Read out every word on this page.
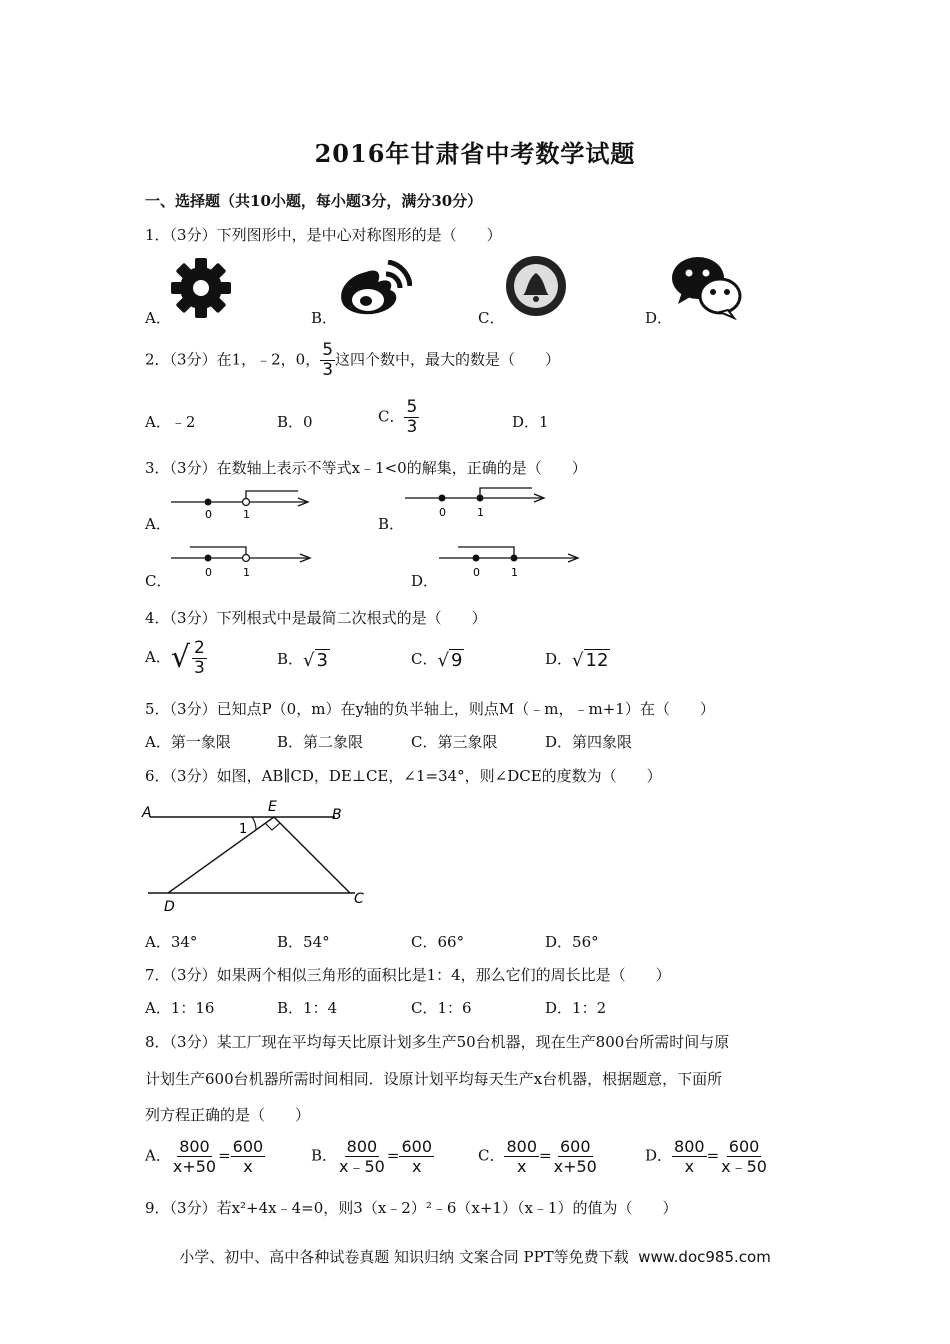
2016年甘肃省中考数学试题
一、选择题（共10小题，每小题3分，满分30分）
1．（3分）下列图形中，是中心对称图形的是（　　）
A．	B．	C．	D．
2．（3分）在1，﹣2，0， $\frac{5}{3}$ 这四个数中，最大的数是（　　）
A．﹣2	B．0	C． $\frac{5}{3}$	D．1
3．（3分）在数轴上表示不等式x﹣1<0的解集，正确的是（　　）
A．
0	1
B．
0	1
C．	0	1	D．	0	1
4．（3分）下列根式中是最简二次根式的是（　　）
A． √ $\frac{2}{3}$	B． √ 3	C． √ 9	D． √ 12
5．（3分）已知点P（0，m）在y轴的负半轴上，则点M（﹣m，﹣m+1）在（　　）
A．第一象限	B．第二象限	C．第三象限	D．第四象限
6．（3分）如图，AB∥CD，DE⊥CE，∠1=34°，则∠DCE的度数为（　　）
A	B
E
1
D	C
A．34°	B．54°	C．66°	D．56°
7．（3分）如果两个相似三角形的面积比是1：4，那么它们的周长比是（　　）
A．1：16	B．1：4	C．1：6	D．1：2
8．（3分）某工厂现在平均每天比原计划多生产50台机器，现在生产800台所需时间与原
计划生产600台机器所需时间相同．设原计划平均每天生产x台机器，根据题意，下面所
列方程正确的是（　　）
A． $\frac{800}{x+50} = \frac{600}{x}$	B． $\frac{800}{x﹣50} = \frac{600}{x}$	C． $\frac{800}{x} = \frac{600}{x+50}$	D． $\frac{800}{x} = \frac{600}{x﹣50}$
9．（3分）若x²+4x﹣4=0，则3（x﹣2）²﹣6（x+1）（x﹣1）的值为（　　）
小学、初中、高中各种试卷真题 知识归纳 文案合同 PPT等免费下载 www.doc985.com
